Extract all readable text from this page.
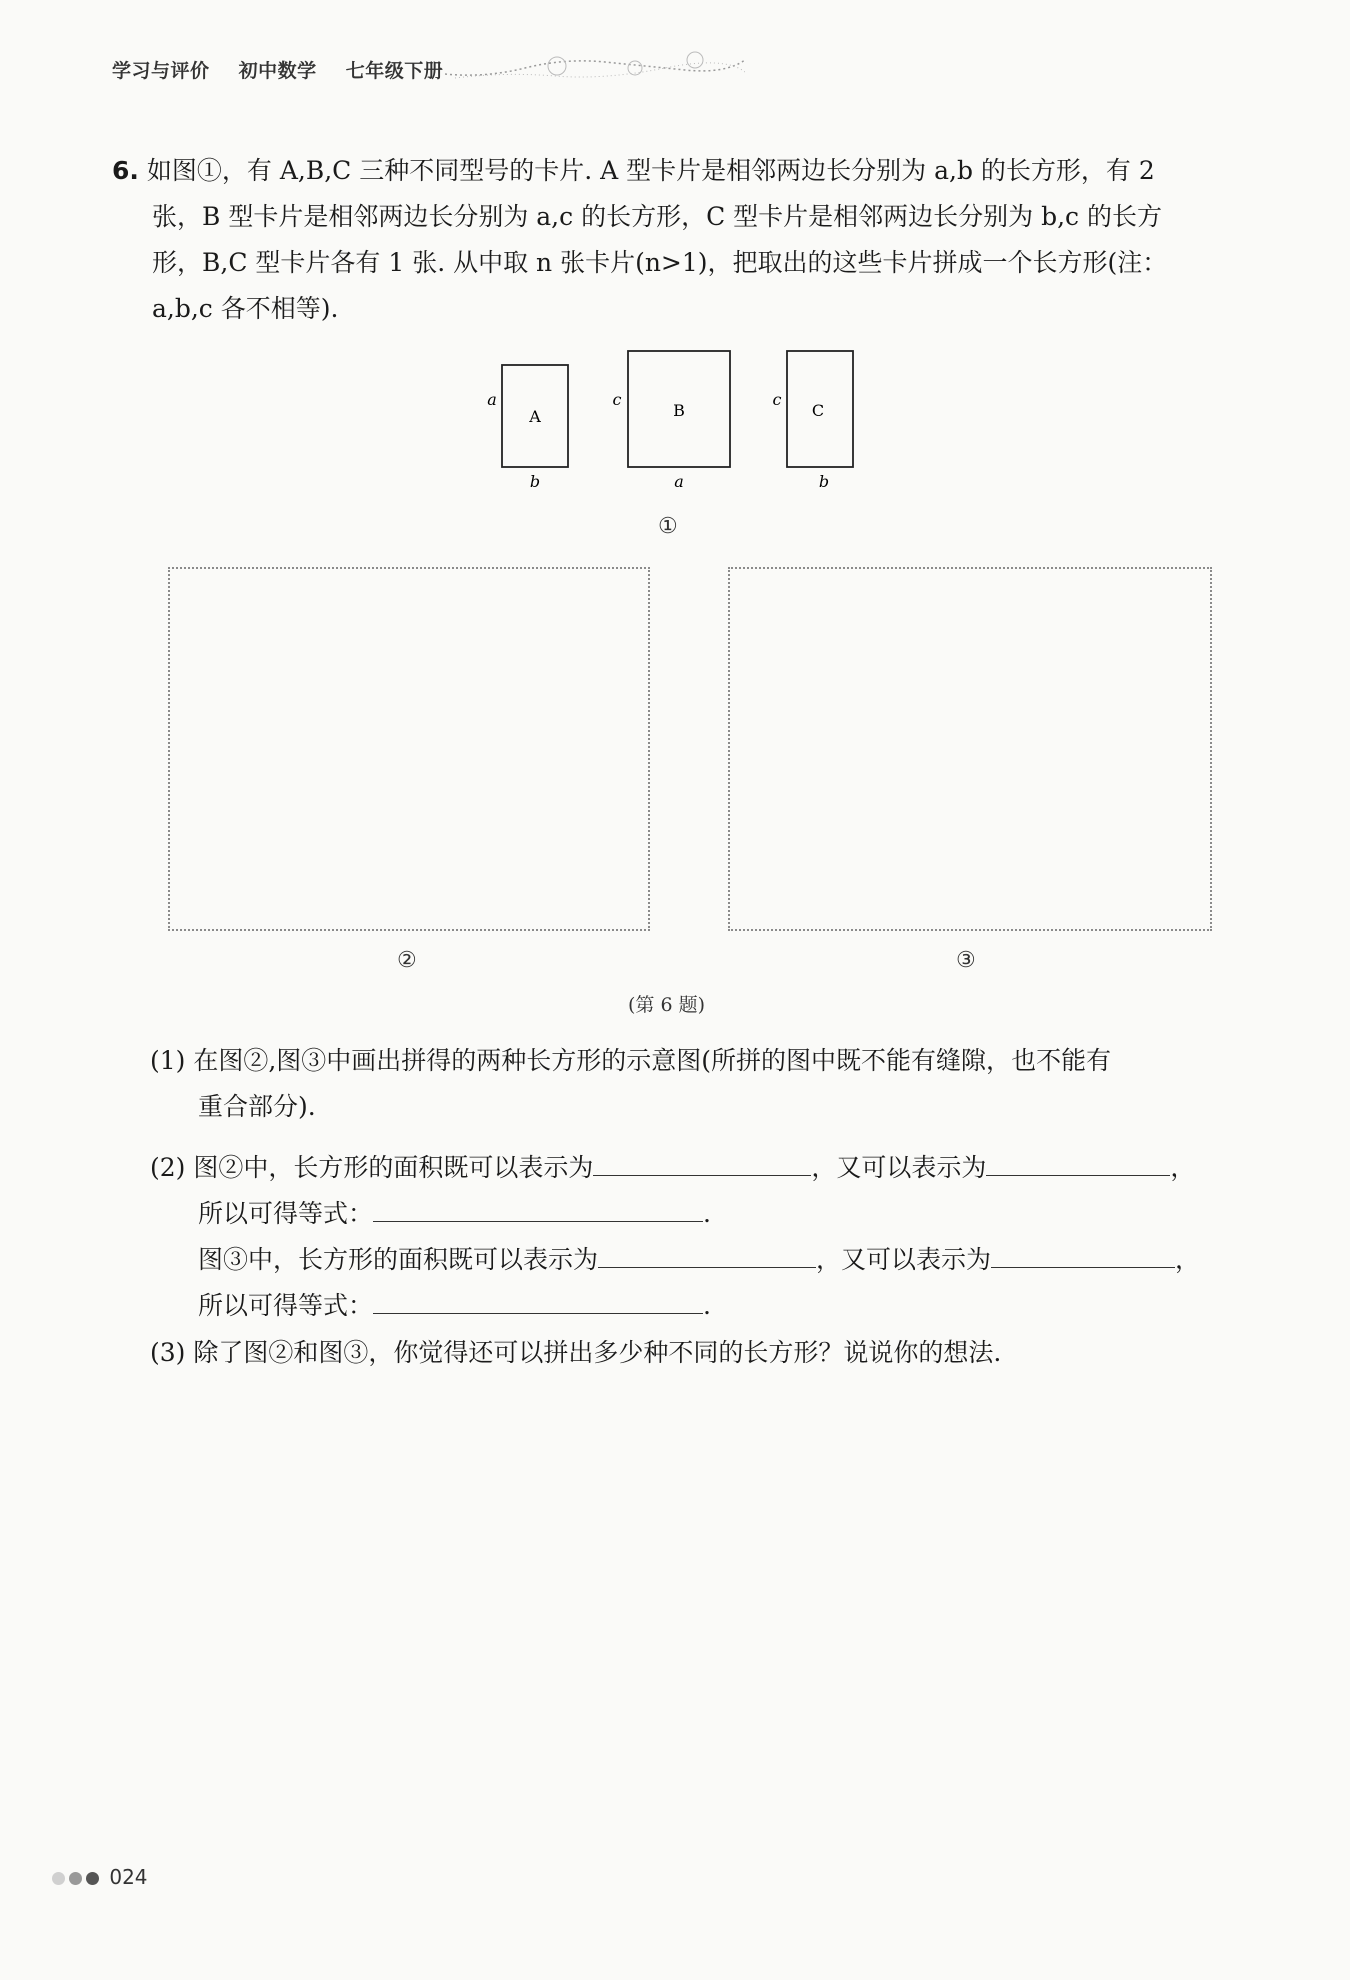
学习与评价 初中数学 七年级下册
6. 如图①，有 A,B,C 三种不同型号的卡片. A 型卡片是相邻两边长分别为 a,b 的长方形，有 2
张，B 型卡片是相邻两边长分别为 a,c 的长方形，C 型卡片是相邻两边长分别为 b,c 的长方
形，B,C 型卡片各有 1 张. 从中取 n 张卡片(n>1)，把取出的这些卡片拼成一个长方形(注：
a,b,c 各不相等).
A
a
b
B
c
a
C
c
b
①
②	③
(第 6 题)
(1) 在图②,图③中画出拼得的两种长方形的示意图(所拼的图中既不能有缝隙，也不能有
重合部分).
(2) 图②中，长方形的面积既可以表示为	，又可以表示为	，
所以可得等式：	.
图③中，长方形的面积既可以表示为	，又可以表示为	，
所以可得等式：	.
(3) 除了图②和图③，你觉得还可以拼出多少种不同的长方形？说说你的想法.
024
